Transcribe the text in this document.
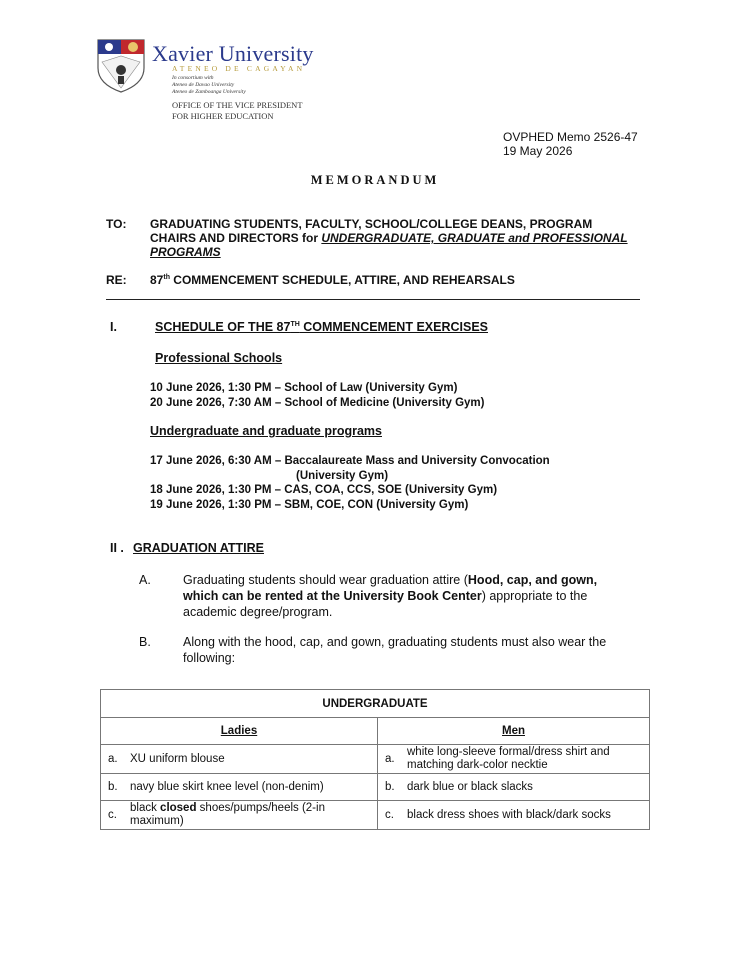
Xavier University
ATENEO DE CAGAYAN
In consortium with
Ateneo de Davao University
Ateneo de Zamboanga University
OFFICE OF THE VICE PRESIDENT
FOR HIGHER EDUCATION
OVPHED Memo 2526-47
19 May 2026
MEMORANDUM
TO: GRADUATING STUDENTS, FACULTY, SCHOOL/COLLEGE DEANS, PROGRAM
CHAIRS AND DIRECTORS for UNDERGRADUATE, GRADUATE and PROFESSIONAL
PROGRAMS
RE: 87th COMMENCEMENT SCHEDULE, ATTIRE, AND REHEARSALS
I.	SCHEDULE OF THE 87TH COMMENCEMENT EXERCISES
Professional Schools
10 June 2026, 1:30 PM – School of Law (University Gym)
20 June 2026, 7:30 AM – School of Medicine (University Gym)
Undergraduate and graduate programs
17 June 2026, 6:30 AM – Baccalaureate Mass and University Convocation
(University Gym)
18 June 2026, 1:30 PM – CAS, COA, CCS, SOE (University Gym)
19 June 2026, 1:30 PM – SBM, COE, CON (University Gym)
II . GRADUATION ATTIRE
A.	Graduating students should wear graduation attire (Hood, cap, and gown,
which can be rented at the University Book Center) appropriate to the
academic degree/program.
B.	Along with the hood, cap, and gown, graduating students must also wear the
following:
UNDERGRADUATE	
Ladies	Men

a. XU uniform blouse	a.
white long-sleeve formal/dress shirt and
matching dark-color necktie

b. navy blue skirt knee level (non-denim)	b. dark blue or black slacks

c.
black closed shoes/pumps/heels (2-in
maximum)	c. black dress shoes with black/dark socks
